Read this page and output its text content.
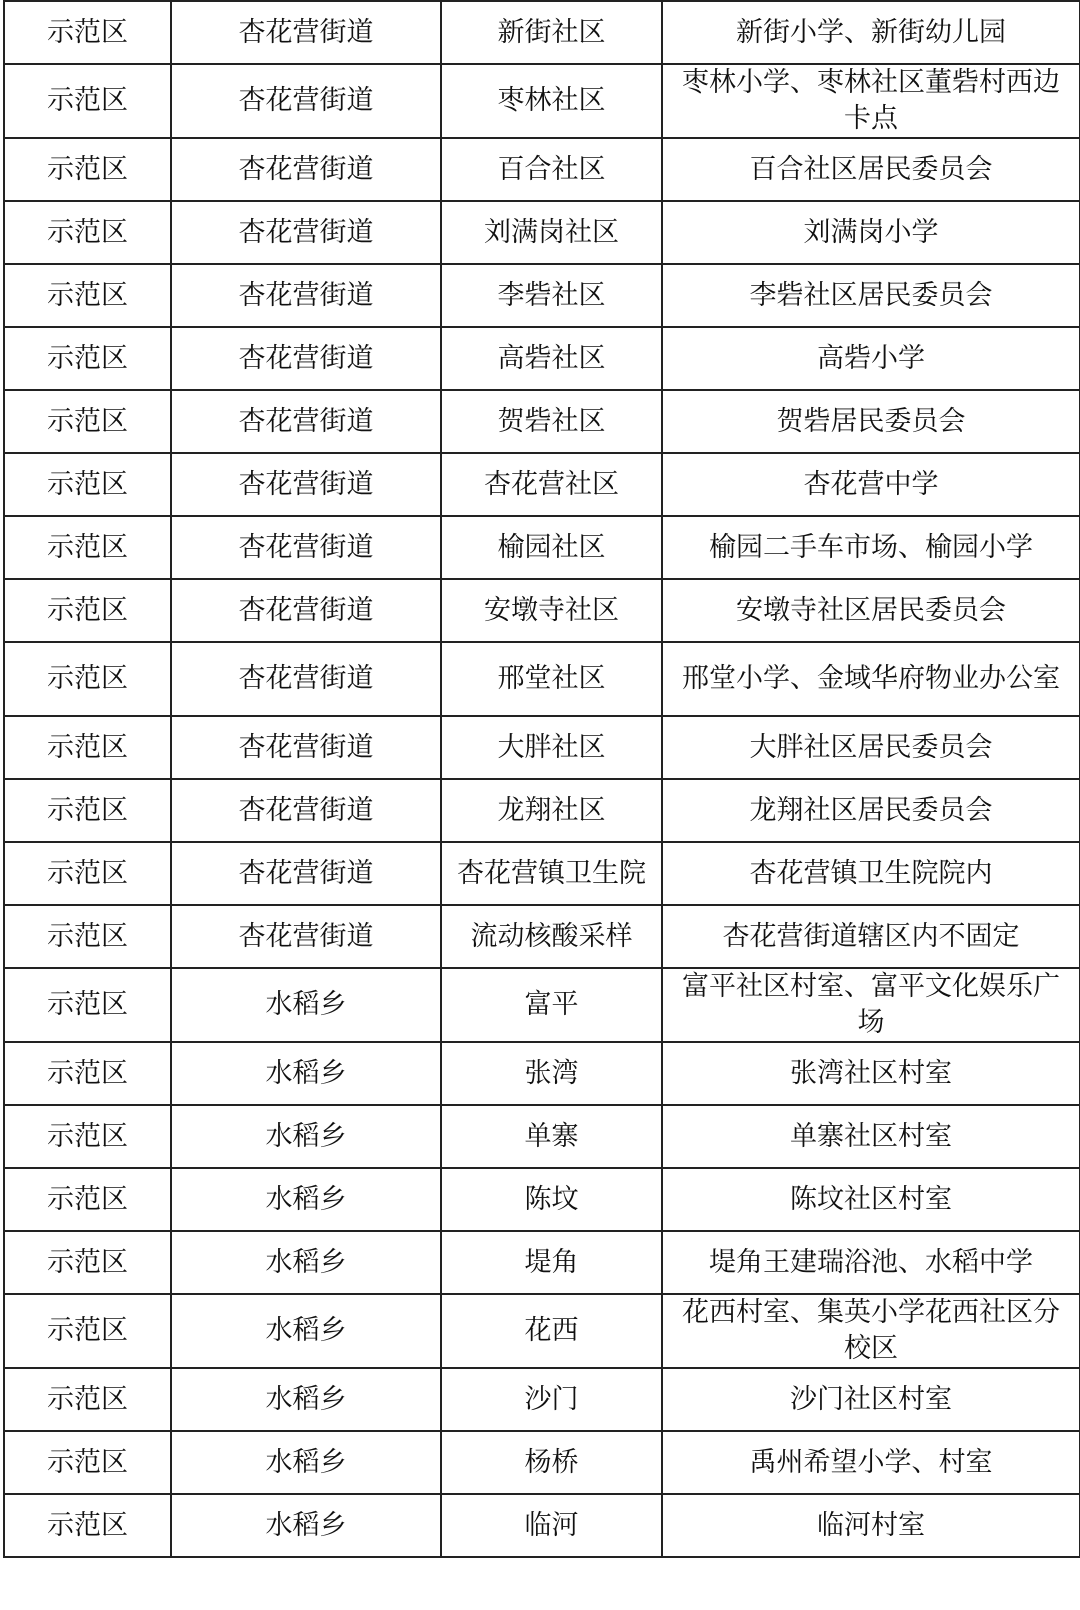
示范区	杏花营街道	新街社区	新街小学、新街幼儿园
示范区	杏花营街道	枣林社区	枣林小学、枣林社区董砦村西边卡点
示范区	杏花营街道	百合社区	百合社区居民委员会
示范区	杏花营街道	刘满岗社区	刘满岗小学
示范区	杏花营街道	李砦社区	李砦社区居民委员会
示范区	杏花营街道	高砦社区	高砦小学
示范区	杏花营街道	贺砦社区	贺砦居民委员会
示范区	杏花营街道	杏花营社区	杏花营中学
示范区	杏花营街道	榆园社区	榆园二手车市场、榆园小学
示范区	杏花营街道	安墩寺社区	安墩寺社区居民委员会
示范区	杏花营街道	邢堂社区	邢堂小学、金域华府物业办公室
示范区	杏花营街道	大胖社区	大胖社区居民委员会
示范区	杏花营街道	龙翔社区	龙翔社区居民委员会
示范区	杏花营街道	杏花营镇卫生院	杏花营镇卫生院院内
示范区	杏花营街道	流动核酸采样	杏花营街道辖区内不固定
示范区	水稻乡	富平	富平社区村室、富平文化娱乐广场
示范区	水稻乡	张湾	张湾社区村室
示范区	水稻乡	单寨	单寨社区村室
示范区	水稻乡	陈坟	陈坟社区村室
示范区	水稻乡	堤角	堤角王建瑞浴池、水稻中学
示范区	水稻乡	花西	花西村室、集英小学花西社区分校区
示范区	水稻乡	沙门	沙门社区村室
示范区	水稻乡	杨桥	禹州希望小学、村室
示范区	水稻乡	临河	临河村室
